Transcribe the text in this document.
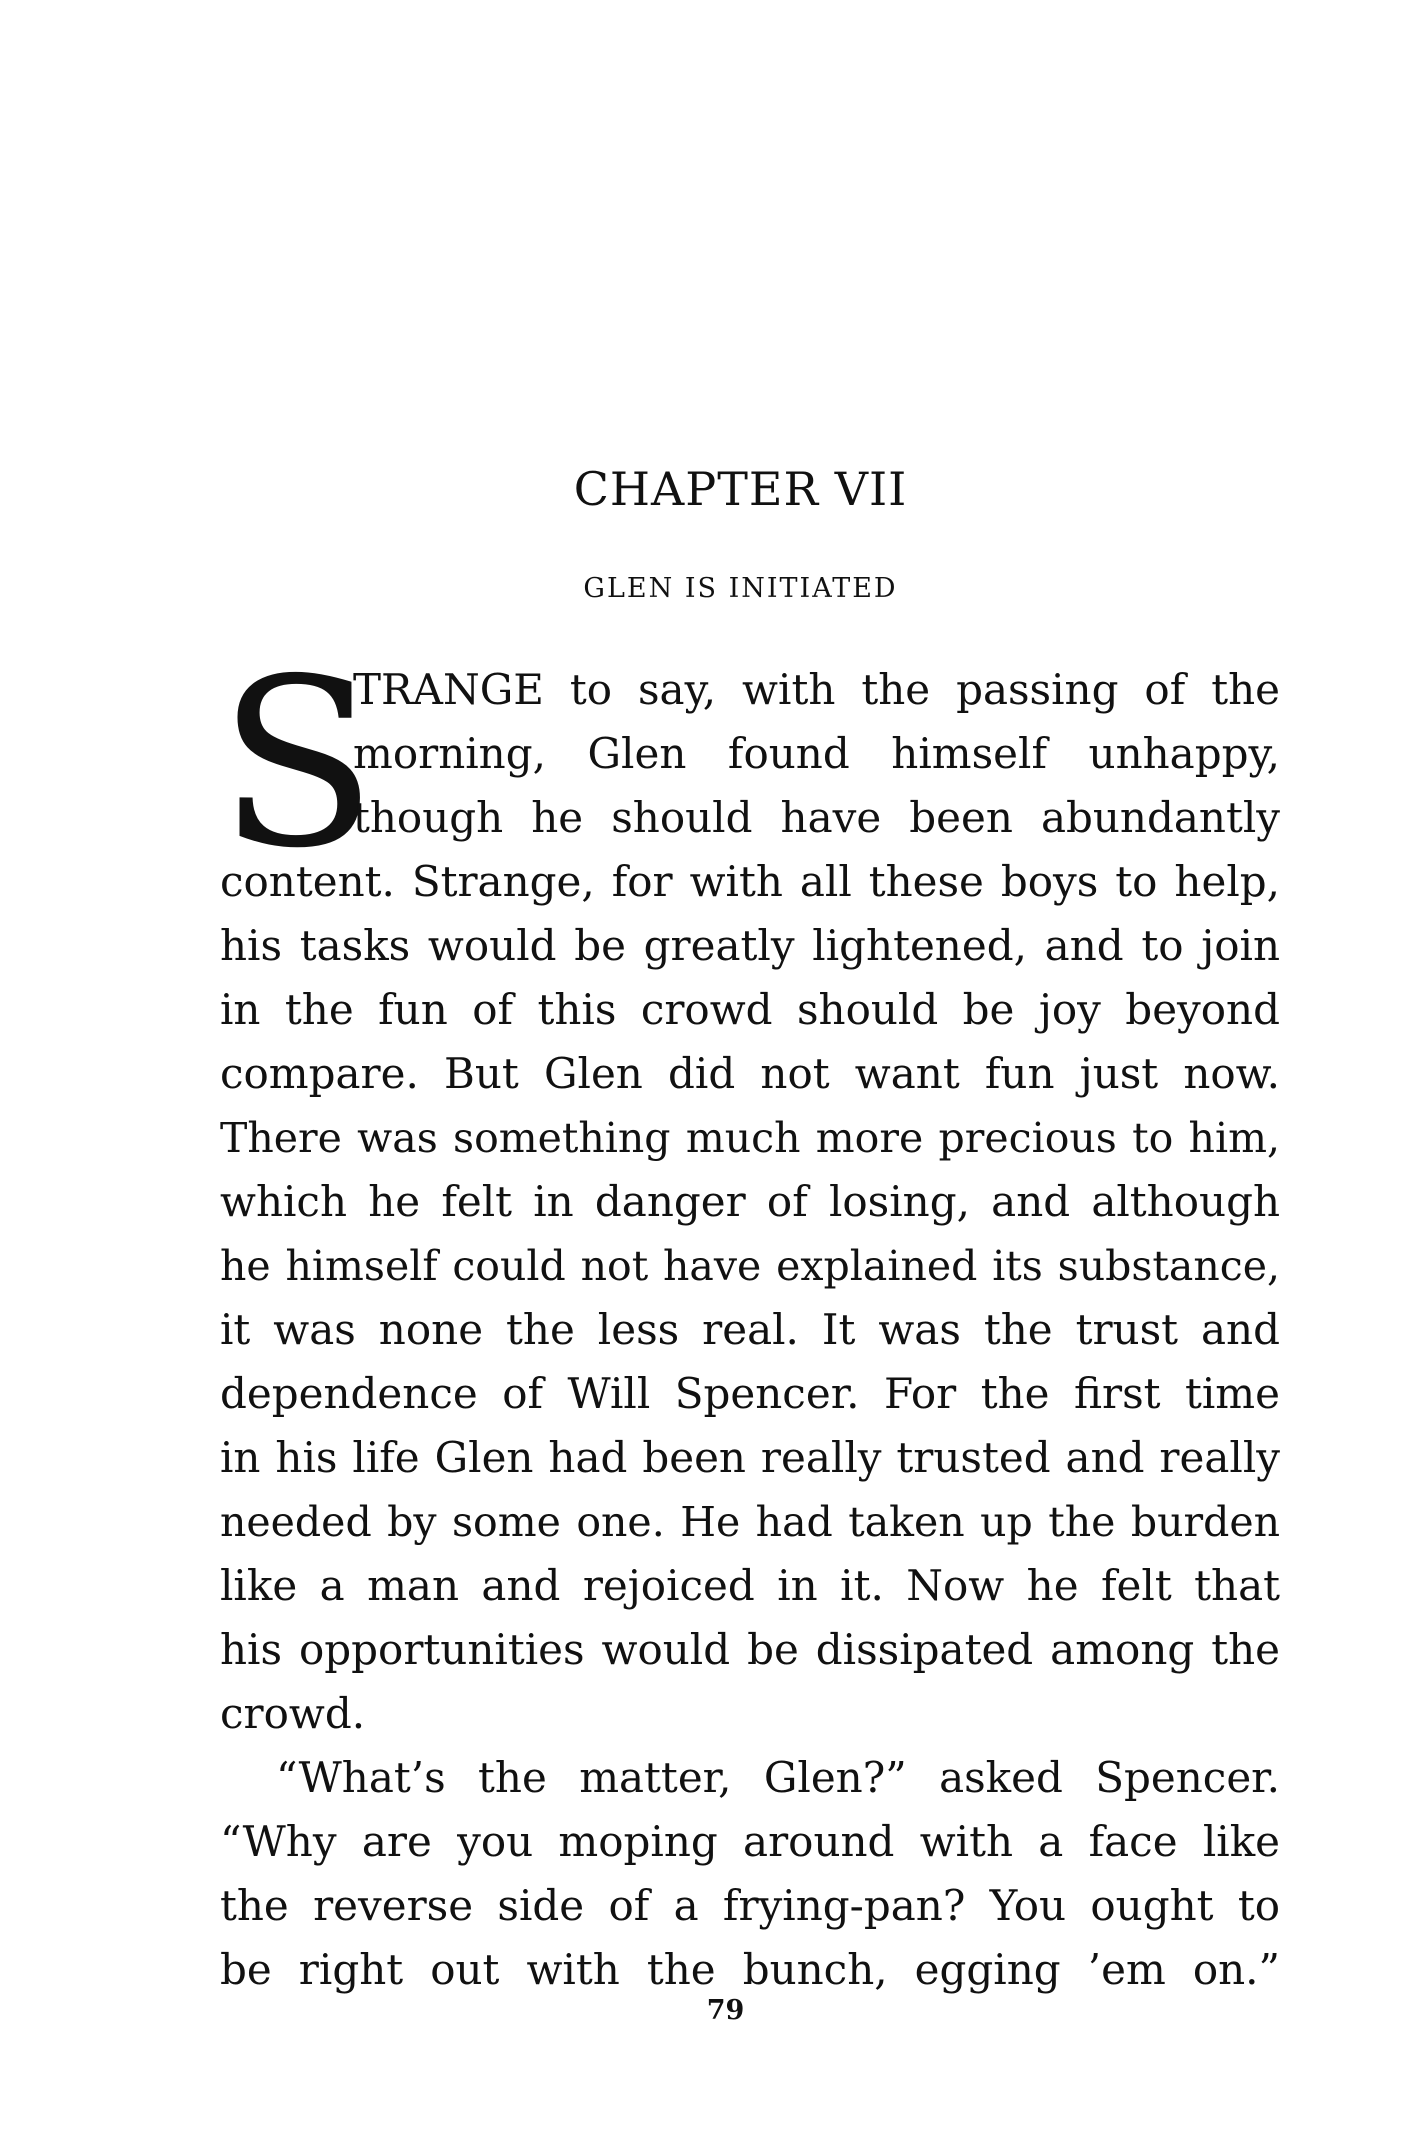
CHAPTER VII
GLEN IS INITIATED
S
TRANGE to say, with the passing of the
morning, Glen found himself unhappy,
though he should have been abundantly
content. Strange, for with all these boys to help,
his tasks would be greatly lightened, and to join
in the fun of this crowd should be joy beyond
compare. But Glen did not want fun just now.
There was something much more precious to him,
which he felt in danger of losing, and although
he himself could not have explained its substance,
it was none the less real. It was the trust and
dependence of Will Spencer. For the first time
in his life Glen had been really trusted and really
needed by some one. He had taken up the burden
like a man and rejoiced in it. Now he felt that
his opportunities would be dissipated among the
crowd.
“What’s the matter, Glen?” asked Spencer.
“Why are you moping around with a face like
the reverse side of a frying-pan? You ought to
be right out with the bunch, egging ’em on.”
79
